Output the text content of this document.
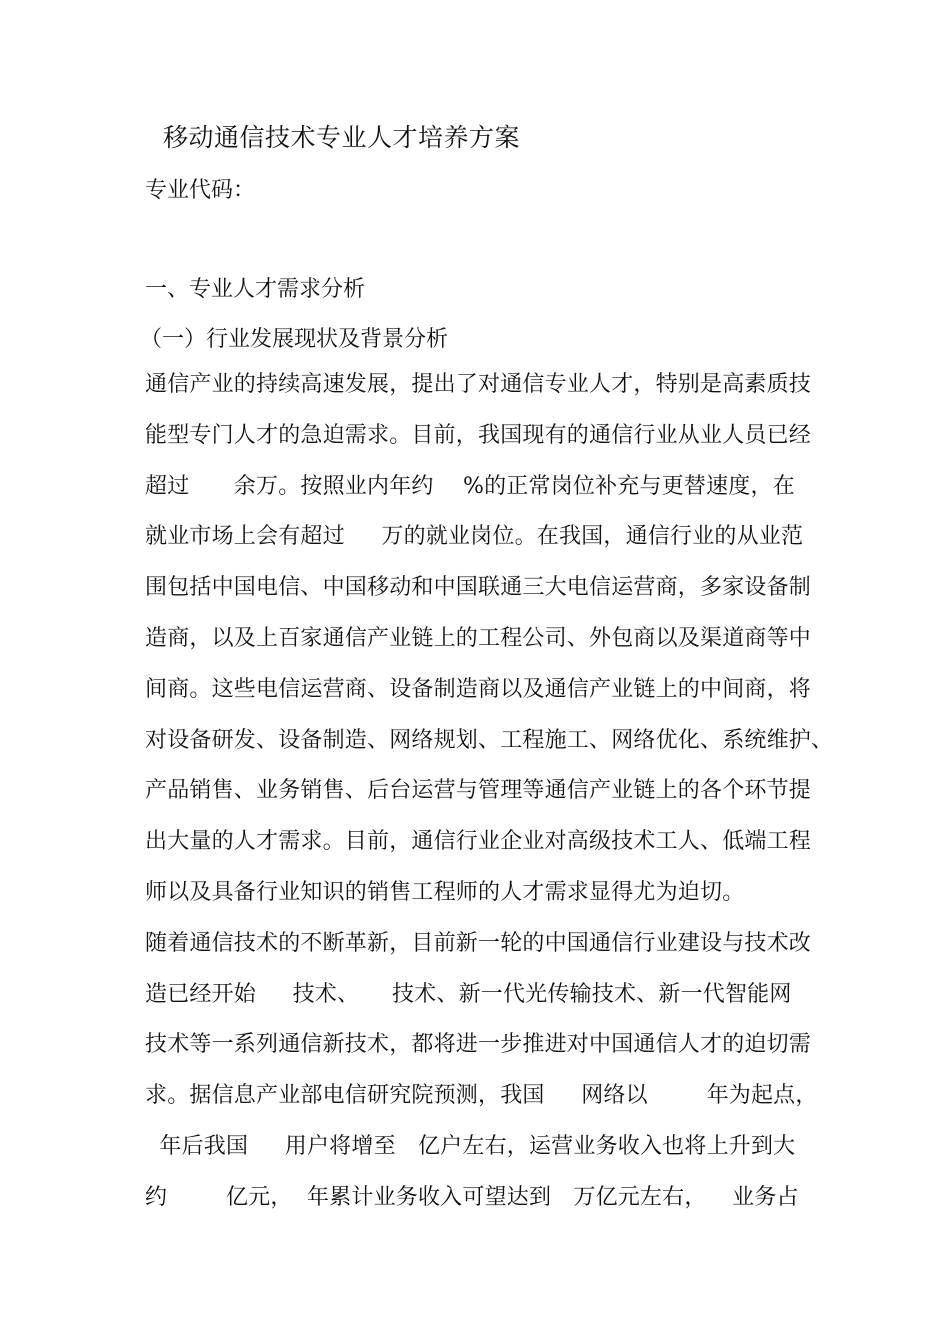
移动通信技术专业人才培养方案
专业代码：
一、专业人才需求分析
（一）行业发展现状及背景分析
通信产业的持续高速发展，提出了对通信专业人才，特别是高素质技
能型专门人才的急迫需求。目前，我国现有的通信行业从业人员已经
超过　　余万。按照业内年约　 %的正常岗位补充与更替速度，在
就业市场上会有超过　  万的就业岗位。在我国，通信行业的从业范
围包括中国电信、中国移动和中国联通三大电信运营商，多家设备制
造商，以及上百家通信产业链上的工程公司、外包商以及渠道商等中
间商。这些电信运营商、设备制造商以及通信产业链上的中间商，将
对设备研发、设备制造、网络规划、工程施工、网络优化、系统维护、
产品销售、业务销售、后台运营与管理等通信产业链上的各个环节提
出大量的人才需求。目前，通信行业企业对高级技术工人、低端工程
师以及具备行业知识的销售工程师的人才需求显得尤为迫切。
随着通信技术的不断革新，目前新一轮的中国通信行业建设与技术改
造已经开始　  技术、　   技术、新一代光传输技术、新一代智能网
技术等一系列通信新技术，都将进一步推进对中国通信人才的迫切需
求。据信息产业部电信研究院预测，我国　  网络以　　  年为起点，
年后我国　  用户将增至　亿户左右，运营业务收入也将上升到大
约　　  亿元，  年累计业务收入可望达到　万亿元左右，　  业务占
